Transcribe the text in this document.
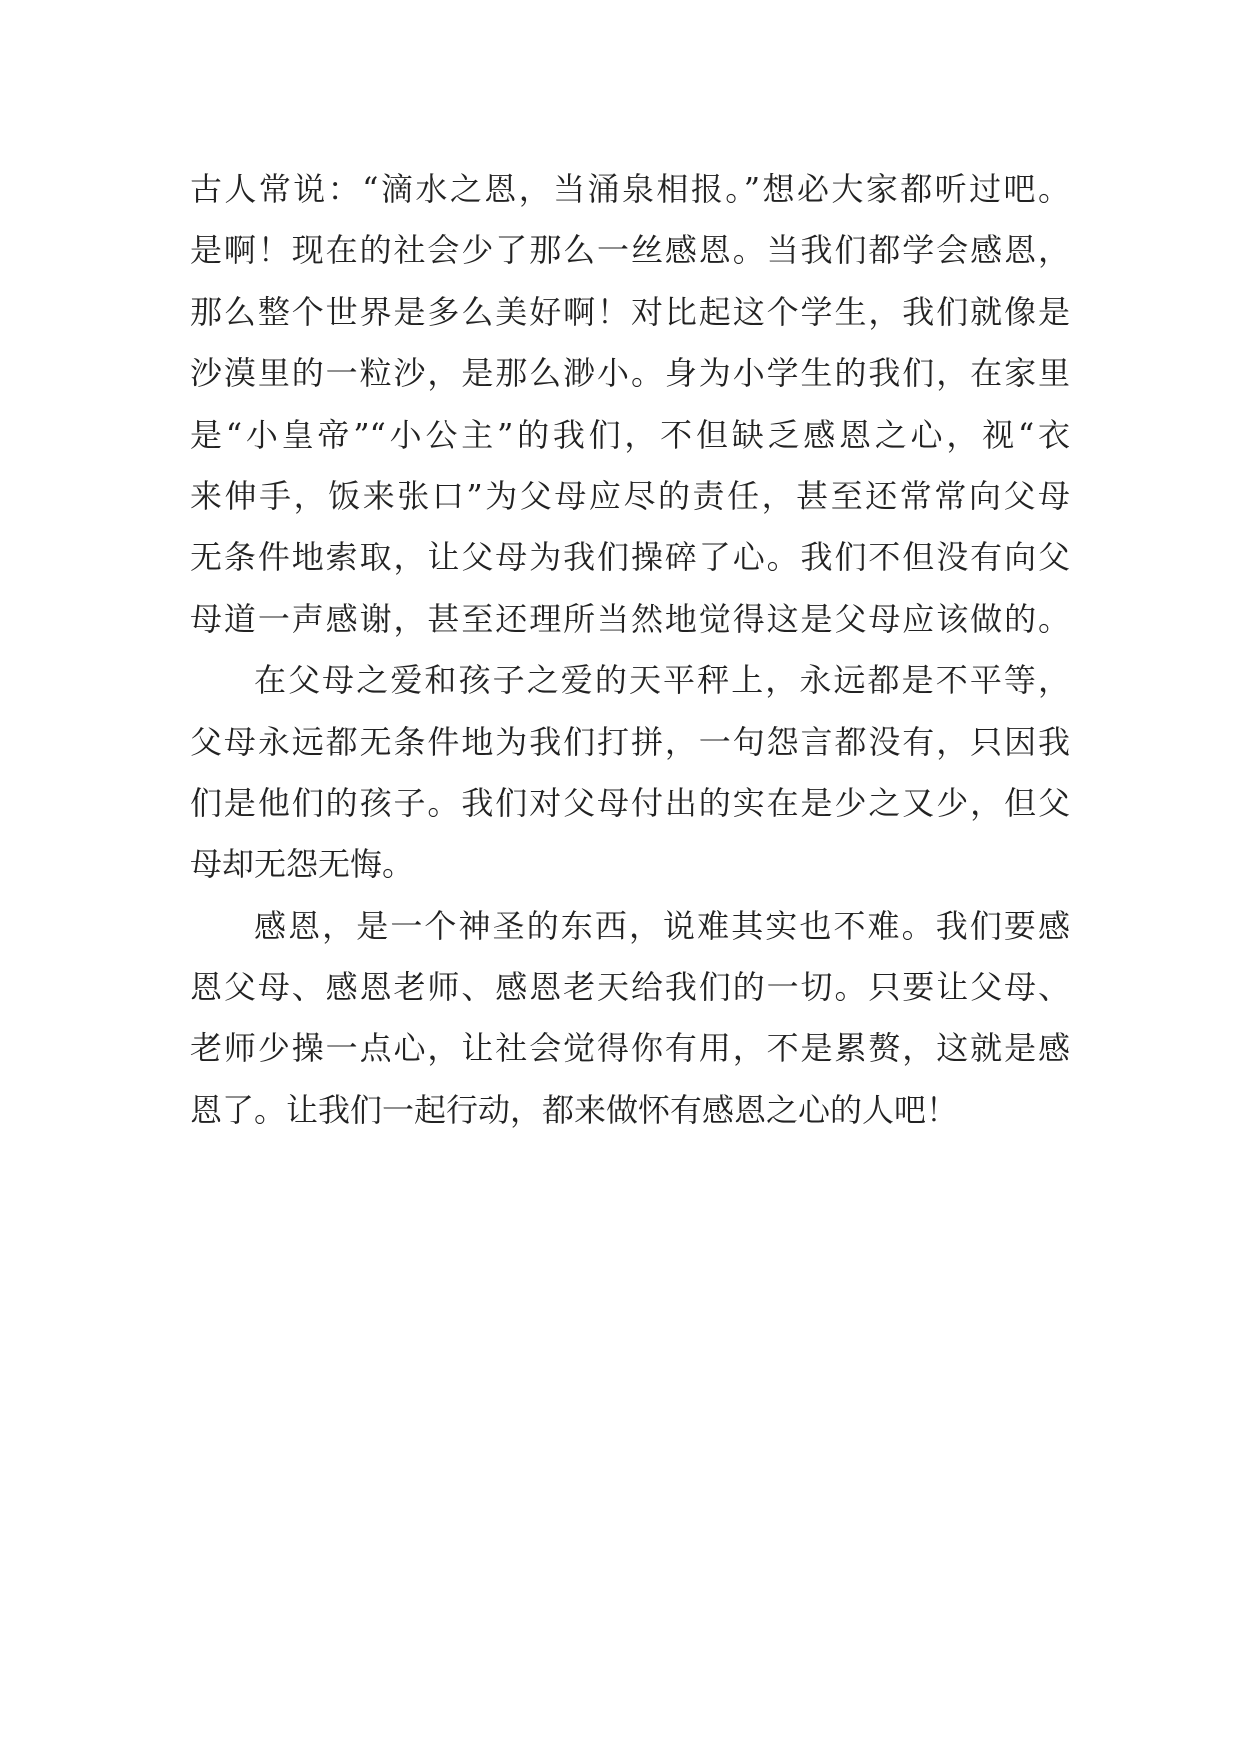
古人常说：“滴水之恩，当涌泉相报。”想必大家都听过吧。
是啊！现在的社会少了那么一丝感恩。当我们都学会感恩，
那么整个世界是多么美好啊！对比起这个学生，我们就像是
沙漠里的一粒沙，是那么渺小。身为小学生的我们，在家里
是“小皇帝”“小公主”的我们，不但缺乏感恩之心，视“衣
来伸手，饭来张口”为父母应尽的责任，甚至还常常向父母
无条件地索取，让父母为我们操碎了心。我们不但没有向父
母道一声感谢，甚至还理所当然地觉得这是父母应该做的。
在父母之爱和孩子之爱的天平秤上，永远都是不平等，
父母永远都无条件地为我们打拼，一句怨言都没有，只因我
们是他们的孩子。我们对父母付出的实在是少之又少，但父
母却无怨无悔。
感恩，是一个神圣的东西，说难其实也不难。我们要感
恩父母、感恩老师、感恩老天给我们的一切。只要让父母、
老师少操一点心，让社会觉得你有用，不是累赘，这就是感
恩了。让我们一起行动，都来做怀有感恩之心的人吧！
